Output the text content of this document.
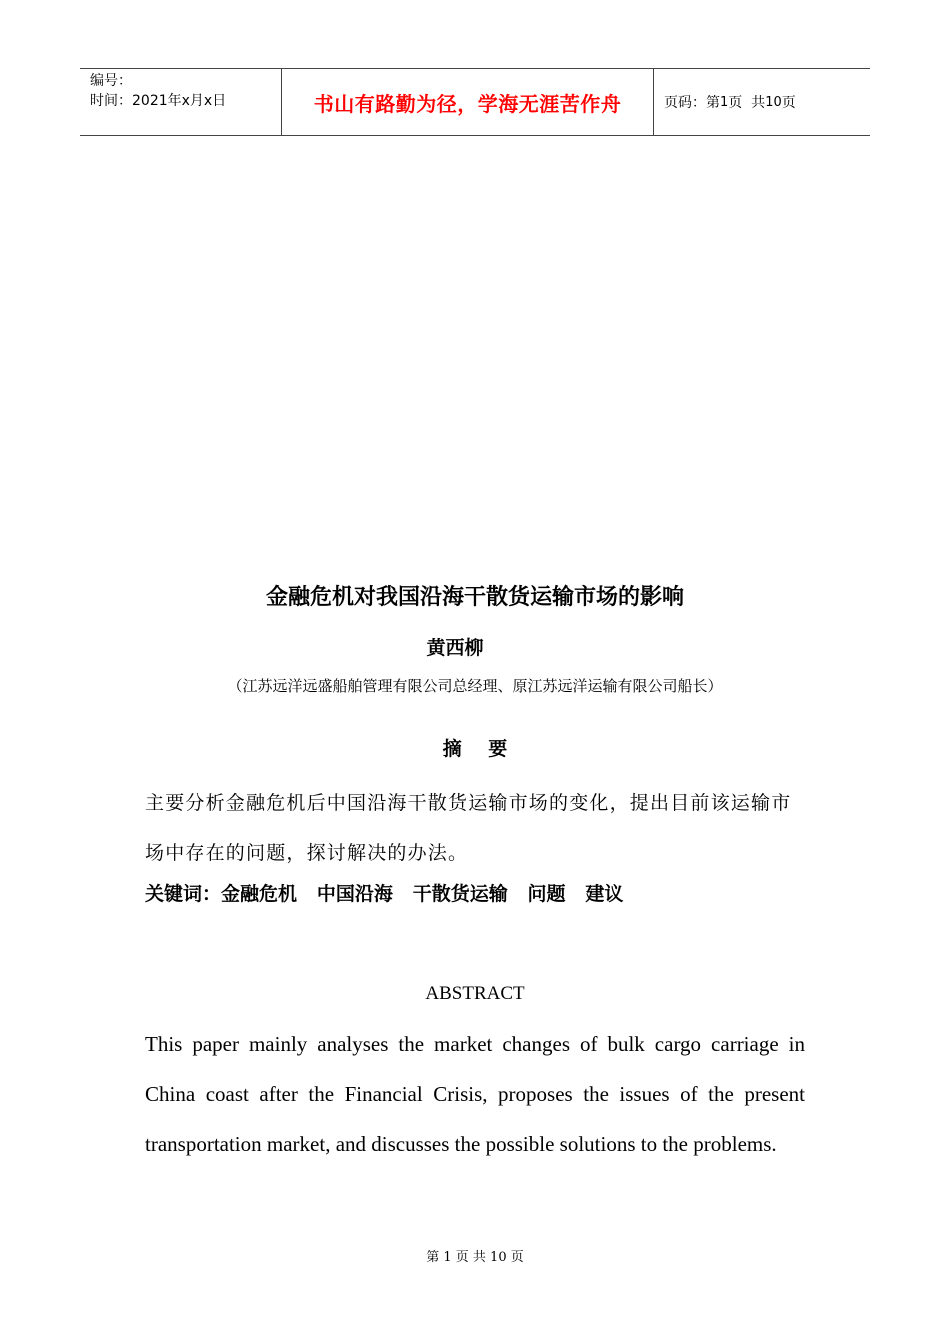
编号：
时间：2021年x月x日	书山有路勤为径，学海无涯苦作舟	页码：第 1 页  共 10 页
金融危机对我国沿海干散货运输市场的影响
黄西柳
（江苏远洋远盛船舶管理有限公司总经理、原江苏远洋运输有限公司船长）
摘    要
主要分析金融危机后中国沿海干散货运输市场的变化，提出目前该运输市场中存在的问题，探讨解决的办法。
关键词：金融危机   中国沿海   干散货运输   问题   建议
ABSTRACT
This paper mainly analyses the market changes of bulk cargo carriage in China coast after the Financial Crisis, proposes the issues of the present transportation market, and discusses the possible solutions to the problems.
第 1 页 共 10 页
